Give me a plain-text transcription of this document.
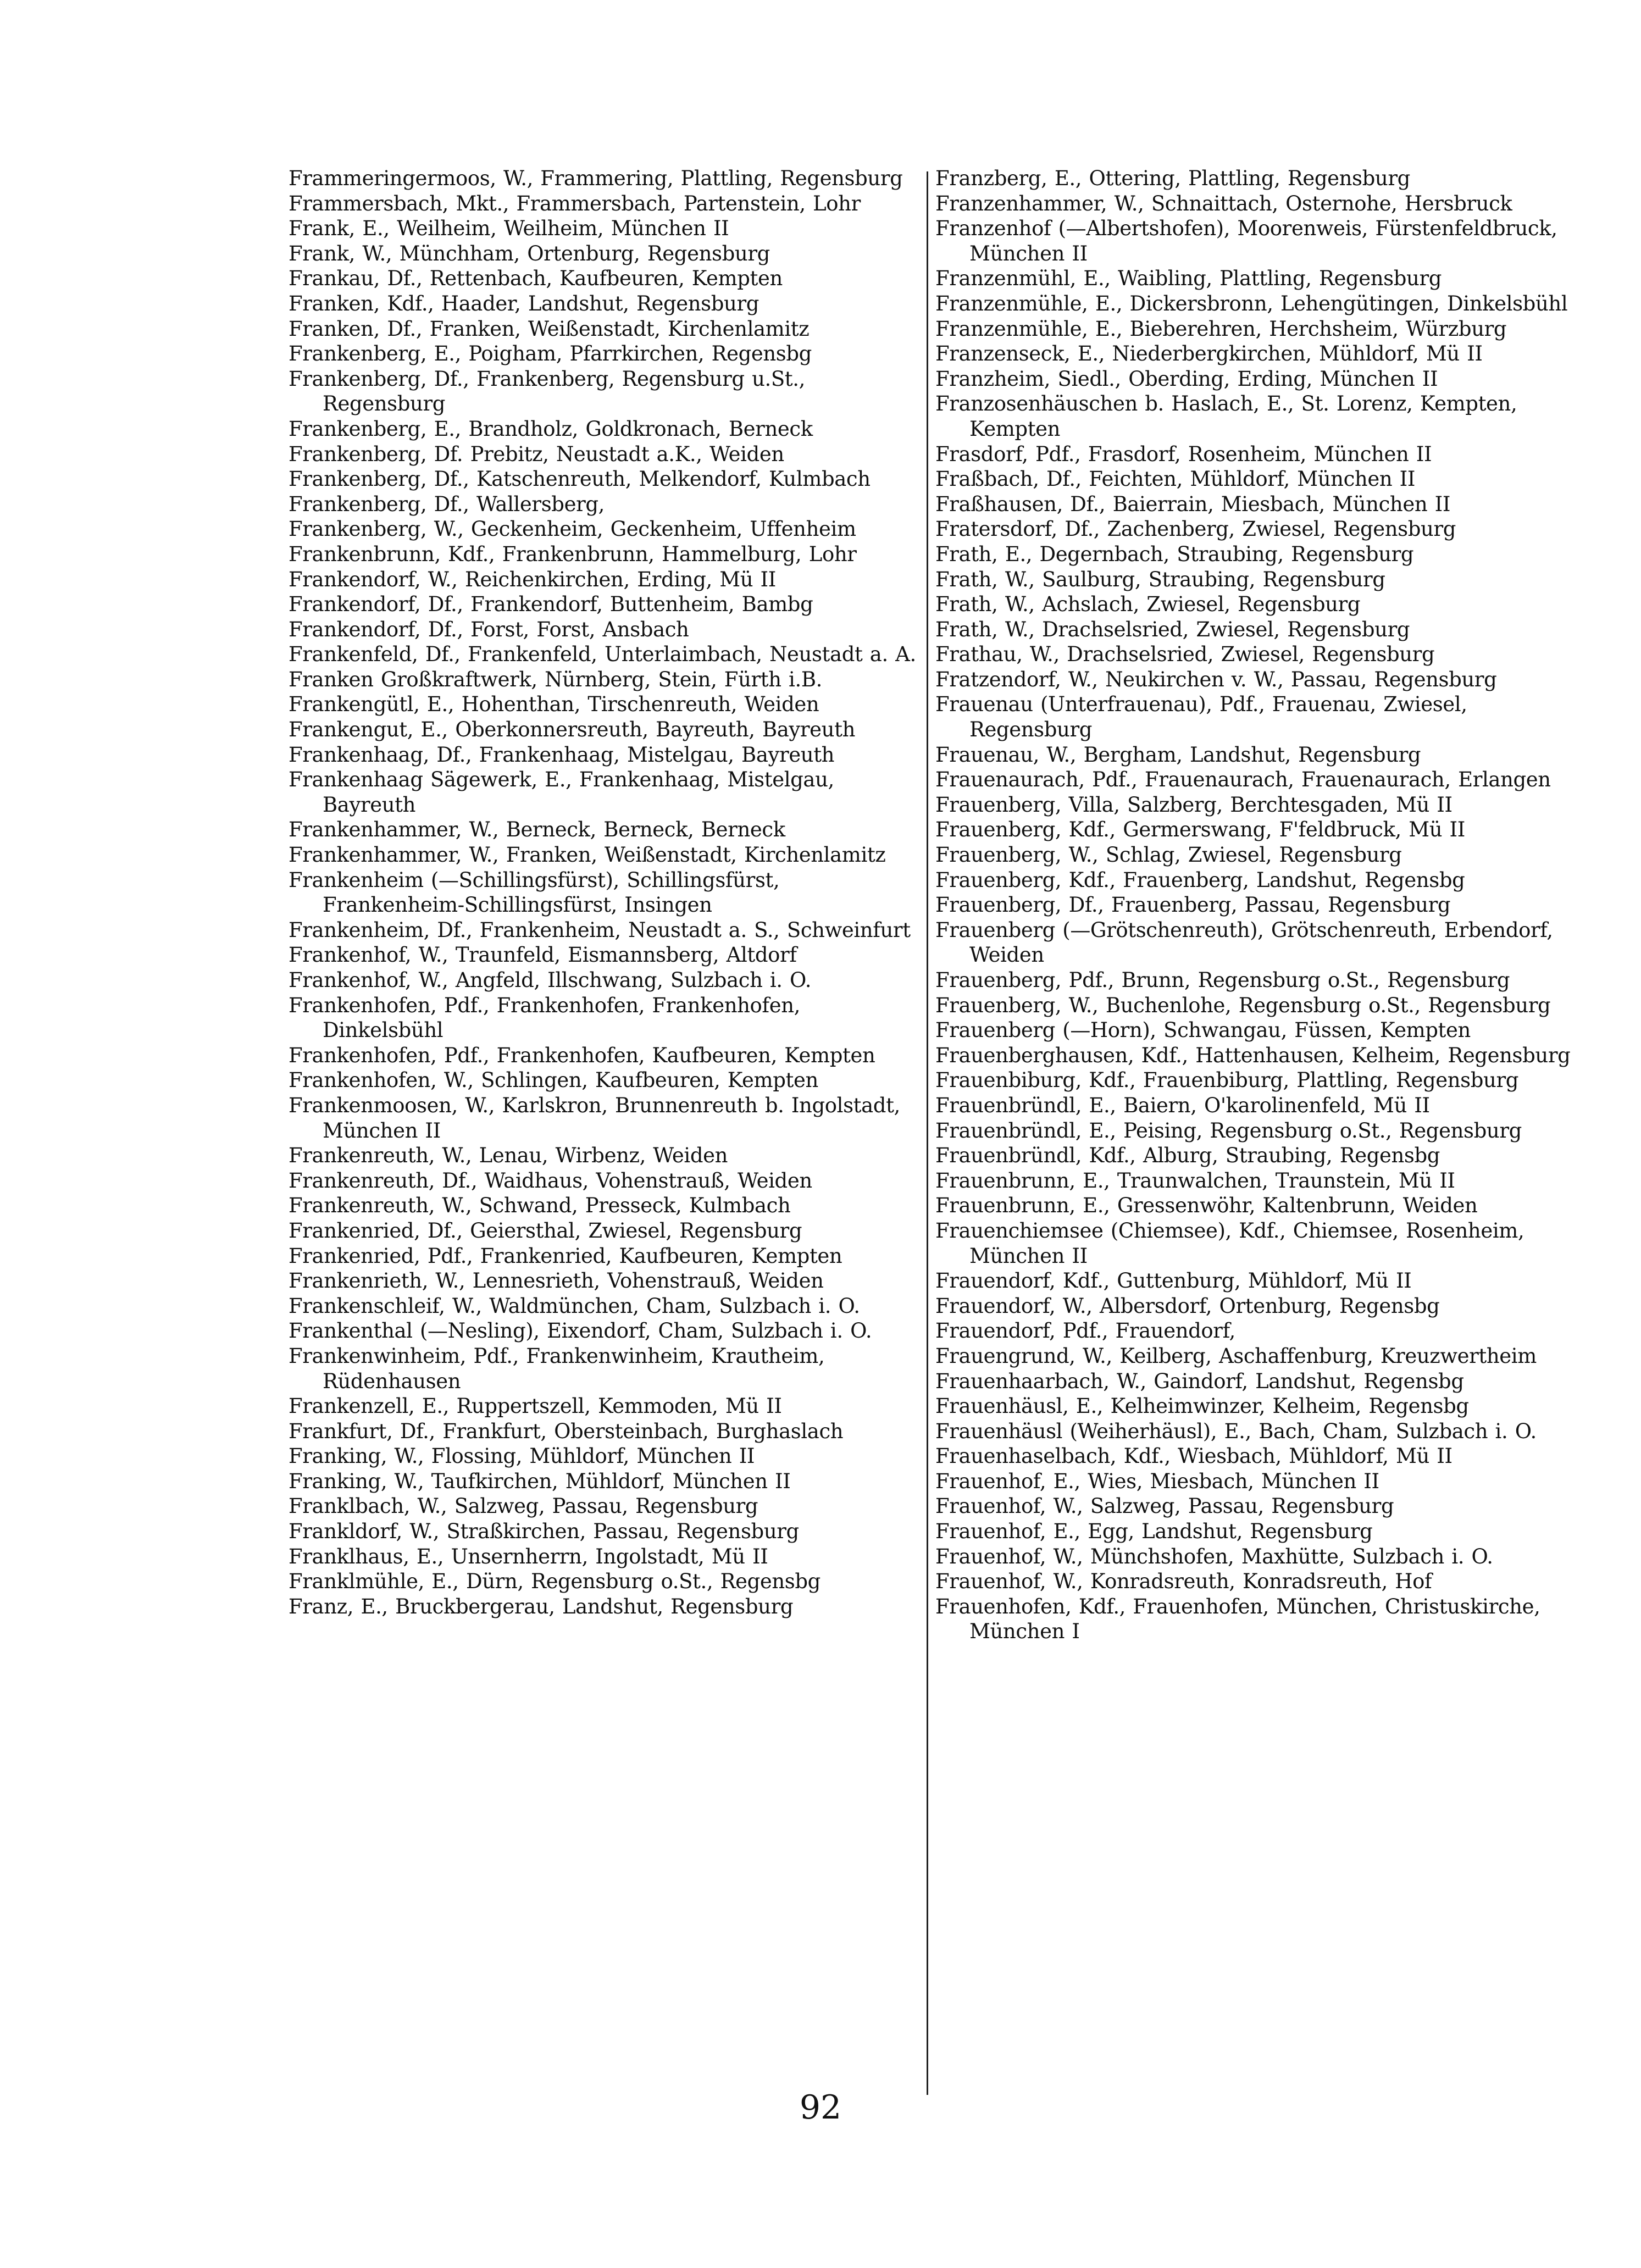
Frammeringermoos, W., Frammering, Plattling, Regensburg
Frammersbach, Mkt., Frammersbach, Partenstein, Lohr
Frank, E., Weilheim, Weilheim, München II
Frank, W., Münchham, Ortenburg, Regensburg
Frankau, Df., Rettenbach, Kaufbeuren, Kempten
Franken, Kdf., Haader, Landshut, Regensburg
Franken, Df., Franken, Weißenstadt, Kirchenlamitz
Frankenberg, E., Poigham, Pfarrkirchen, Regensbg
Frankenberg, Df., Frankenberg, Regensburg u.St., Regensburg
Frankenberg, E., Brandholz, Goldkronach, Berneck
Frankenberg, Df. Prebitz, Neustadt a.K., Weiden
Frankenberg, Df., Katschenreuth, Melkendorf, Kulmbach
Frankenberg, Df., Wallersberg,
Frankenberg, W., Geckenheim, Geckenheim, Uffenheim
Frankenbrunn, Kdf., Frankenbrunn, Hammelburg, Lohr
Frankendorf, W., Reichenkirchen, Erding, Mü II
Frankendorf, Df., Frankendorf, Buttenheim, Bambg
Frankendorf, Df., Forst, Forst, Ansbach
Frankenfeld, Df., Frankenfeld, Unterlaimbach, Neustadt a. A.
Franken Großkraftwerk, Nürnberg, Stein, Fürth i.B.
Frankengütl, E., Hohenthan, Tirschenreuth, Weiden
Frankengut, E., Oberkonnersreuth, Bayreuth, Bayreuth
Frankenhaag, Df., Frankenhaag, Mistelgau, Bayreuth
Frankenhaag Sägewerk, E., Frankenhaag, Mistelgau, Bayreuth
Frankenhammer, W., Berneck, Berneck, Berneck
Frankenhammer, W., Franken, Weißenstadt, Kirchenlamitz
Frankenheim (—Schillingsfürst), Schillingsfürst, Frankenheim-Schillingsfürst, Insingen
Frankenheim, Df., Frankenheim, Neustadt a. S., Schweinfurt
Frankenhof, W., Traunfeld, Eismannsberg, Altdorf
Frankenhof, W., Angfeld, Illschwang, Sulzbach i. O.
Frankenhofen, Pdf., Frankenhofen, Frankenhofen, Dinkelsbühl
Frankenhofen, Pdf., Frankenhofen, Kaufbeuren, Kempten
Frankenhofen, W., Schlingen, Kaufbeuren, Kempten
Frankenmoosen, W., Karlskron, Brunnenreuth b. Ingolstadt, München II
Frankenreuth, W., Lenau, Wirbenz, Weiden
Frankenreuth, Df., Waidhaus, Vohenstrauß, Weiden
Frankenreuth, W., Schwand, Presseck, Kulmbach
Frankenried, Df., Geiersthal, Zwiesel, Regensburg
Frankenried, Pdf., Frankenried, Kaufbeuren, Kempten
Frankenrieth, W., Lennesrieth, Vohenstrauß, Weiden
Frankenschleif, W., Waldmünchen, Cham, Sulzbach i. O.
Frankenthal (—Nesling), Eixendorf, Cham, Sulzbach i. O.
Frankenwinheim, Pdf., Frankenwinheim, Krautheim, Rüdenhausen
Frankenzell, E., Ruppertszell, Kemmoden, Mü II
Frankfurt, Df., Frankfurt, Obersteinbach, Burghaslach
Franking, W., Flossing, Mühldorf, München II
Franking, W., Taufkirchen, Mühldorf, München II
Franklbach, W., Salzweg, Passau, Regensburg
Frankldorf, W., Straßkirchen, Passau, Regensburg
Franklhaus, E., Unsernherrn, Ingolstadt, Mü II
Franklmühle, E., Dürn, Regensburg o.St., Regensbg
Franz, E., Bruckbergerau, Landshut, Regensburg
Franzberg, E., Ottering, Plattling, Regensburg
Franzenhammer, W., Schnaittach, Osternohe, Hersbruck
Franzenhof (—Albertshofen), Moorenweis, Fürstenfeldbruck, München II
Franzenmühl, E., Waibling, Plattling, Regensburg
Franzenmühle, E., Dickersbronn, Lehengütingen, Dinkelsbühl
Franzenmühle, E., Bieberehren, Herchsheim, Würzburg
Franzenseck, E., Niederbergkirchen, Mühldorf, Mü II
Franzheim, Siedl., Oberding, Erding, München II
Franzosenhäuschen b. Haslach, E., St. Lorenz, Kempten, Kempten
Frasdorf, Pdf., Frasdorf, Rosenheim, München II
Fraßbach, Df., Feichten, Mühldorf, München II
Fraßhausen, Df., Baierrain, Miesbach, München II
Fratersdorf, Df., Zachenberg, Zwiesel, Regensburg
Frath, E., Degernbach, Straubing, Regensburg
Frath, W., Saulburg, Straubing, Regensburg
Frath, W., Achslach, Zwiesel, Regensburg
Frath, W., Drachselsried, Zwiesel, Regensburg
Frathau, W., Drachselsried, Zwiesel, Regensburg
Fratzendorf, W., Neukirchen v. W., Passau, Regensburg
Frauenau (Unterfrauenau), Pdf., Frauenau, Zwiesel, Regensburg
Frauenau, W., Bergham, Landshut, Regensburg
Frauenaurach, Pdf., Frauenaurach, Frauenaurach, Erlangen
Frauenberg, Villa, Salzberg, Berchtesgaden, Mü II
Frauenberg, Kdf., Germerswang, F'feldbruck, Mü II
Frauenberg, W., Schlag, Zwiesel, Regensburg
Frauenberg, Kdf., Frauenberg, Landshut, Regensbg
Frauenberg, Df., Frauenberg, Passau, Regensburg
Frauenberg (—Grötschenreuth), Grötschenreuth, Erbendorf, Weiden
Frauenberg, Pdf., Brunn, Regensburg o.St., Regensburg
Frauenberg, W., Buchenlohe, Regensburg o.St., Regensburg
Frauenberg (—Horn), Schwangau, Füssen, Kempten
Frauenberghausen, Kdf., Hattenhausen, Kelheim, Regensburg
Frauenbiburg, Kdf., Frauenbiburg, Plattling, Regensburg
Frauenbründl, E., Baiern, O'karolinenfeld, Mü II
Frauenbründl, E., Peising, Regensburg o.St., Regensburg
Frauenbründl, Kdf., Alburg, Straubing, Regensbg
Frauenbrunn, E., Traunwalchen, Traunstein, Mü II
Frauenbrunn, E., Gressenwöhr, Kaltenbrunn, Weiden
Frauenchiemsee (Chiemsee), Kdf., Chiemsee, Rosenheim, München II
Frauendorf, Kdf., Guttenburg, Mühldorf, Mü II
Frauendorf, W., Albersdorf, Ortenburg, Regensbg
Frauendorf, Pdf., Frauendorf,
Frauengrund, W., Keilberg, Aschaffenburg, Kreuzwertheim
Frauenhaarbach, W., Gaindorf, Landshut, Regensbg
Frauenhäusl, E., Kelheimwinzer, Kelheim, Regensbg
Frauenhäusl (Weiherhäusl), E., Bach, Cham, Sulzbach i. O.
Frauenhaselbach, Kdf., Wiesbach, Mühldorf, Mü II
Frauenhof, E., Wies, Miesbach, München II
Frauenhof, W., Salzweg, Passau, Regensburg
Frauenhof, E., Egg, Landshut, Regensburg
Frauenhof, W., Münchshofen, Maxhütte, Sulzbach i. O.
Frauenhof, W., Konradsreuth, Konradsreuth, Hof
Frauenhofen, Kdf., Frauenhofen, München, Christuskirche, München I
92
